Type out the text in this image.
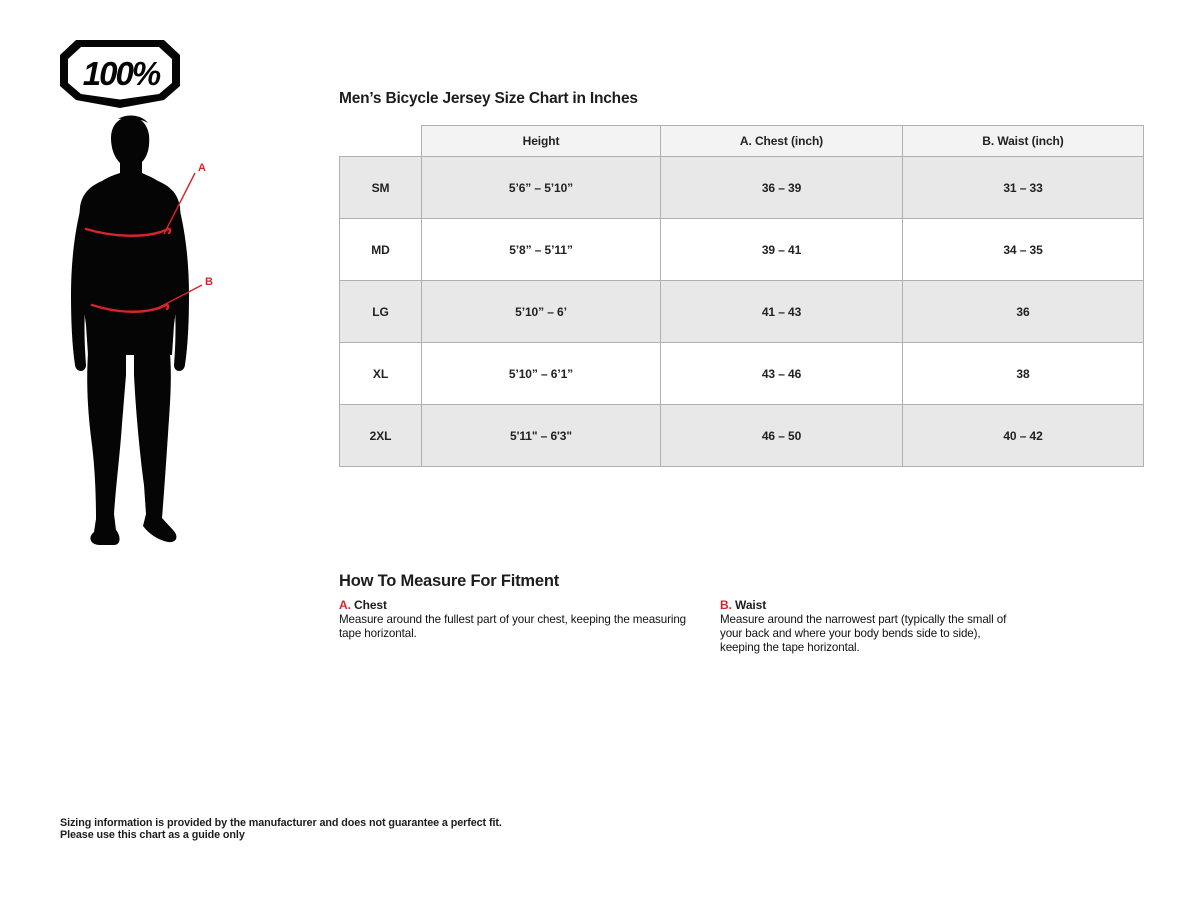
100%
A
B
Men’s Bicycle Jersey Size Chart in Inches
	Height	A. Chest (inch)	B. Waist (inch)
SM	5’6” – 5’10”	36 – 39	31 – 33
MD	5’8” – 5’11”	39 – 41	34 – 35
LG	5’10” – 6’	41 – 43	36
XL	5’10” – 6’1”	43 – 46	38
2XL	5'11" – 6'3"	46 – 50	40 – 42
How To Measure For Fitment
A. Chest
Measure around the fullest part of your chest, keeping the measuring tape horizontal.
B. Waist
Measure around the narrowest part (typically the small of your back and where your body bends side to side), keeping the tape horizontal.
Sizing information is provided by the manufacturer and does not guarantee a perfect fit.
Please use this chart as a guide only
